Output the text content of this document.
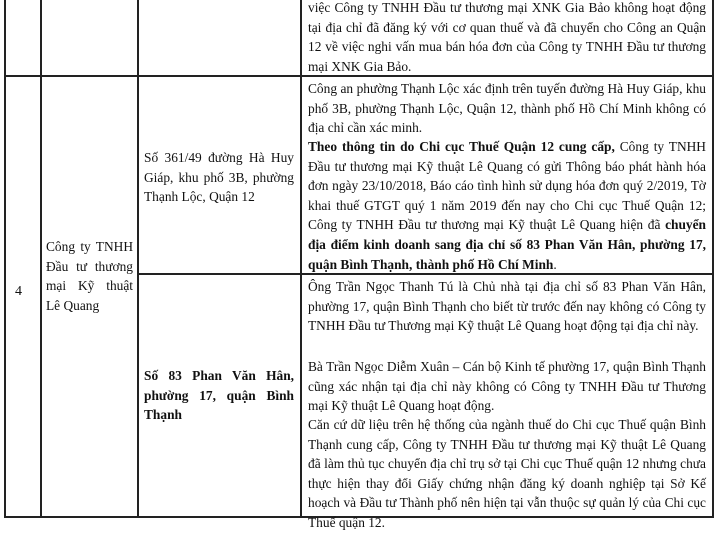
việc Công ty TNHH Đầu tư thương mại XNK Gia Bảo không hoạt động tại địa chỉ đã đăng ký với cơ quan thuế và đã chuyển cho Công an Quận 12 về việc nghi vấn mua bán hóa đơn của Công ty TNHH Đầu tư thương mại XNK Gia Bảo.

4

Công ty TNHH Đầu tư thương mại Kỹ thuật Lê Quang

Số 361/49 đường Hà Huy Giáp, khu phố 3B, phường Thạnh Lộc, Quận 12

Số 83 Phan Văn Hân, phường 17, quận Bình Thạnh

Công an phường Thạnh Lộc xác định trên tuyến đường Hà Huy Giáp, khu phố 3B, phường Thạnh Lộc, Quận 12, thành phố Hồ Chí Minh không có địa chỉ cần xác minh.

Theo thông tin do Chi cục Thuế Quận 12 cung cấp, Công ty TNHH Đầu tư thương mại Kỹ thuật Lê Quang có gửi Thông báo phát hành hóa đơn ngày 23/10/2018, Báo cáo tình hình sử dụng hóa đơn quý 2/2019, Tờ khai thuế GTGT quý 1 năm 2019 đến nay cho Chi cục Thuế Quận 12; Công ty TNHH Đầu tư thương mại Kỹ thuật Lê Quang hiện đã chuyển địa điểm kinh doanh sang địa chỉ số 83 Phan Văn Hân, phường 17, quận Bình Thạnh, thành phố Hồ Chí Minh.

Ông Trần Ngọc Thanh Tú là Chủ nhà tại địa chỉ số 83 Phan Văn Hân, phường 17, quận Bình Thạnh cho biết từ trước đến nay không có Công ty TNHH Đầu tư Thương mại Kỹ thuật Lê Quang hoạt động tại địa chỉ này.

Bà Trần Ngọc Diễm Xuân – Cán bộ Kinh tế phường 17, quận Bình Thạnh cũng xác nhận tại địa chỉ này không có Công ty TNHH Đầu tư Thương mại Kỹ thuật Lê Quang hoạt động.

Căn cứ dữ liệu trên hệ thống của ngành thuế do Chi cục Thuế quận Bình Thạnh cung cấp, Công ty TNHH Đầu tư thương mại Kỹ thuật Lê Quang đã làm thủ tục chuyển địa chỉ trụ sở tại Chi cục Thuế quận 12 nhưng chưa thực hiện thay đổi Giấy chứng nhận đăng ký doanh nghiệp tại Sở Kế hoạch và Đầu tư Thành phố nên hiện tại vẫn thuộc sự quản lý của Chi cục Thuế quận 12.
